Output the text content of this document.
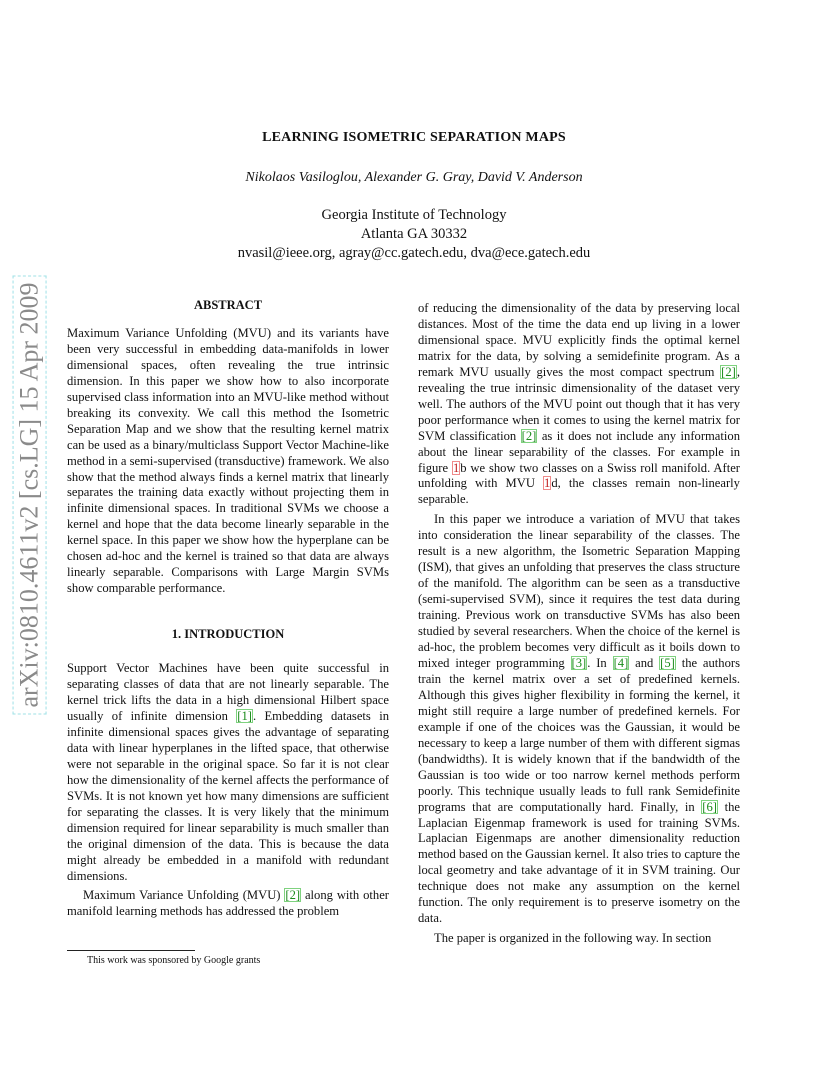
arXiv:0810.4611v2 [cs.LG] 15 Apr 2009
LEARNING ISOMETRIC SEPARATION MAPS
Nikolaos Vasiloglou, Alexander G. Gray, David V. Anderson
Georgia Institute of Technology
Atlanta GA 30332
nvasil@ieee.org, agray@cc.gatech.edu, dva@ece.gatech.edu
ABSTRACT

Maximum Variance Unfolding (MVU) and its variants have been very successful in embedding data-manifolds in lower dimensional spaces, often revealing the true intrinsic dimension. In this paper we show how to also incorporate supervised class information into an MVU-like method without breaking its convexity. We call this method the Isometric Separation Map and we show that the resulting kernel matrix can be used as a binary/multiclass Support Vector Machine-like method in a semi-supervised (transductive) framework. We also show that the method always finds a kernel matrix that linearly separates the training data exactly without projecting them in infinite dimensional spaces. In traditional SVMs we choose a kernel and hope that the data become linearly separable in the kernel space. In this paper we show how the hyperplane can be chosen ad-hoc and the kernel is trained so that data are always linearly separable. Comparisons with Large Margin SVMs show comparable performance.

1. INTRODUCTION

Support Vector Machines have been quite successful in separating classes of data that are not linearly separable. The kernel trick lifts the data in a high dimensional Hilbert space usually of infinite dimension [1]. Embedding datasets in infinite dimensional spaces gives the advantage of separating data with linear hyperplanes in the lifted space, that otherwise were not separable in the original space. So far it is not clear how the dimensionality of the kernel affects the performance of SVMs. It is not known yet how many dimensions are sufficient for separating the classes. It is very likely that the minimum dimension required for linear separability is much smaller than the original dimension of the data. This is because the data might already be embedded in a manifold with redundant dimensions.

Maximum Variance Unfolding (MVU) [2] along with other manifold learning methods has addressed the problem

of reducing the dimensionality of the data by preserving local distances. Most of the time the data end up living in a lower dimensional space. MVU explicitly finds the optimal kernel matrix for the data, by solving a semidefinite program. As a remark MVU usually gives the most compact spectrum [2], revealing the true intrinsic dimensionality of the dataset very well. The authors of the MVU point out though that it has very poor performance when it comes to using the kernel matrix for SVM classification [2] as it does not include any information about the linear separability of the classes. For example in figure 1b we show two classes on a Swiss roll manifold. After unfolding with MVU 1d, the classes remain non-linearly separable.

In this paper we introduce a variation of MVU that takes into consideration the linear separability of the classes. The result is a new algorithm, the Isometric Separation Mapping (ISM), that gives an unfolding that preserves the class structure of the manifold. The algorithm can be seen as a transductive (semi-supervised SVM), since it requires the test data during training. Previous work on transductive SVMs has also been studied by several researchers. When the choice of the kernel is ad-hoc, the problem becomes very difficult as it boils down to mixed integer programming [3]. In [4] and [5] the authors train the kernel matrix over a set of predefined kernels. Although this gives higher flexibility in forming the kernel, it might still require a large number of predefined kernels. For example if one of the choices was the Gaussian, it would be necessary to keep a large number of them with different sigmas (bandwidths). It is widely known that if the bandwidth of the Gaussian is too wide or too narrow kernel methods perform poorly. This technique usually leads to full rank Semidefinite programs that are computationally hard. Finally, in [6] the Laplacian Eigenmap framework is used for training SVMs. Laplacian Eigenmaps are another dimensionality reduction method based on the Gaussian kernel. It also tries to capture the local geometry and take advantage of it in SVM training. Our technique does not make any assumption on the kernel function. The only requirement is to preserve isometry on the data.

The paper is organized in the following way. In section

This work was sponsored by Google grants
